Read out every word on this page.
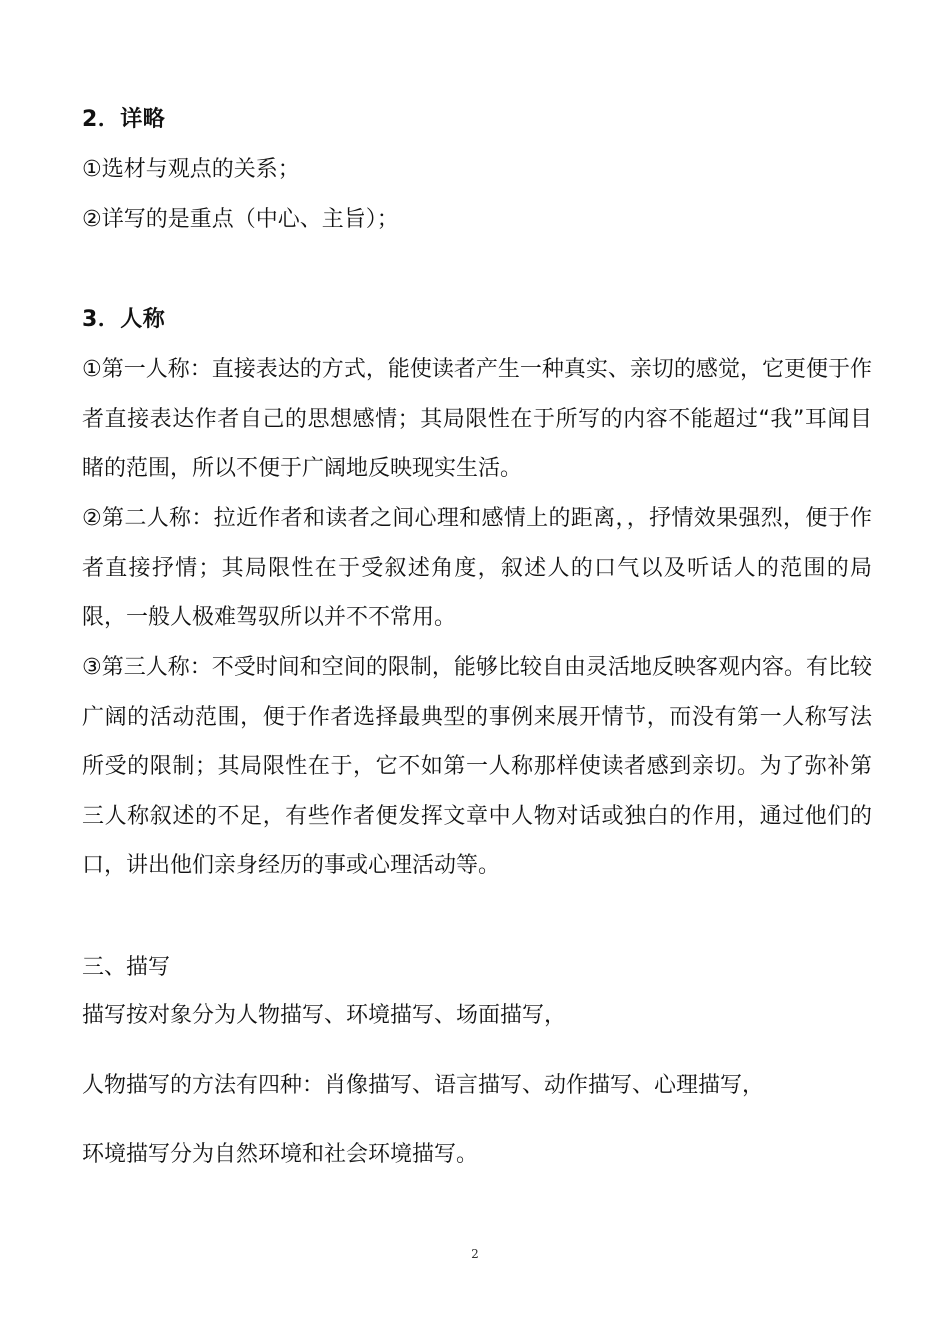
2．详略
①选材与观点的关系；
②详写的是重点（中心、主旨）；
3．人称
①第一人称：直接表达的方式，能使读者产生一种真实、亲切的感觉，它更便于作者直接表达作者自己的思想感情；其局限性在于所写的内容不能超过“我”耳闻目睹的范围，所以不便于广阔地反映现实生活。
②第二人称：拉近作者和读者之间心理和感情上的距离，，抒情效果强烈，便于作者直接抒情；其局限性在于受叙述角度，叙述人的口气以及听话人的范围的局限，一般人极难驾驭所以并不不常用。
③第三人称：不受时间和空间的限制，能够比较自由灵活地反映客观内容。有比较广阔的活动范围，便于作者选择最典型的事例来展开情节，而没有第一人称写法所受的限制；其局限性在于，它不如第一人称那样使读者感到亲切。为了弥补第三人称叙述的不足，有些作者便发挥文章中人物对话或独白的作用，通过他们的口，讲出他们亲身经历的事或心理活动等。
三、描写
描写按对象分为人物描写、环境描写、场面描写，
人物描写的方法有四种：肖像描写、语言描写、动作描写、心理描写，
环境描写分为自然环境和社会环境描写。
2
